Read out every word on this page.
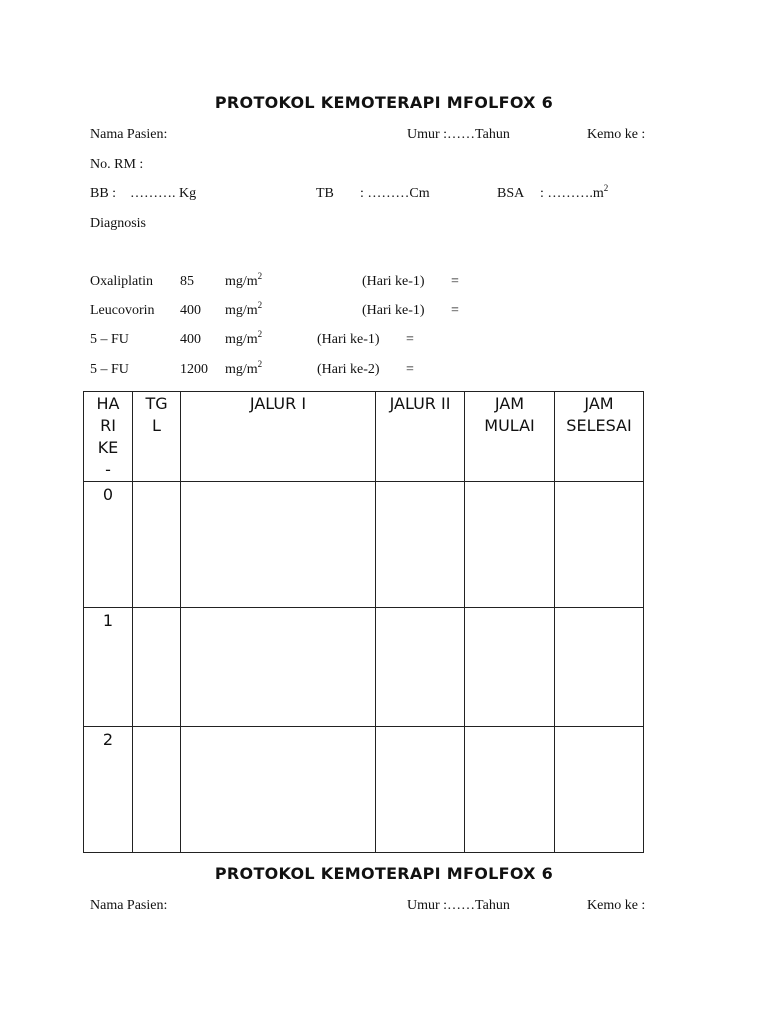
PROTOKOL KEMOTERAPI MFOLFOX 6
Nama Pasien:	Umur :……Tahun	Kemo ke :
No. RM :
BB : ………. Kg	TB : ………Cm	BSA : $\dots\dots\dots.m^2$
Diagnosis
Oxaliplatin 85 $mg/m^2$	(Hari ke-1) =
Leucovorin 400 $mg/m^2$	(Hari ke-1) =
5 – FU	400 $mg/m^2$	(Hari ke-1) =
5 – FU	1200 $mg/m^2$	(Hari ke-2) =
HA RI KE -	TG L	JALUR I	JALUR II	JAM MULAI	JAM SELESAI

0					
1					
2					
PROTOKOL KEMOTERAPI MFOLFOX 6
Nama Pasien:	Umur :……Tahun	Kemo ke :
